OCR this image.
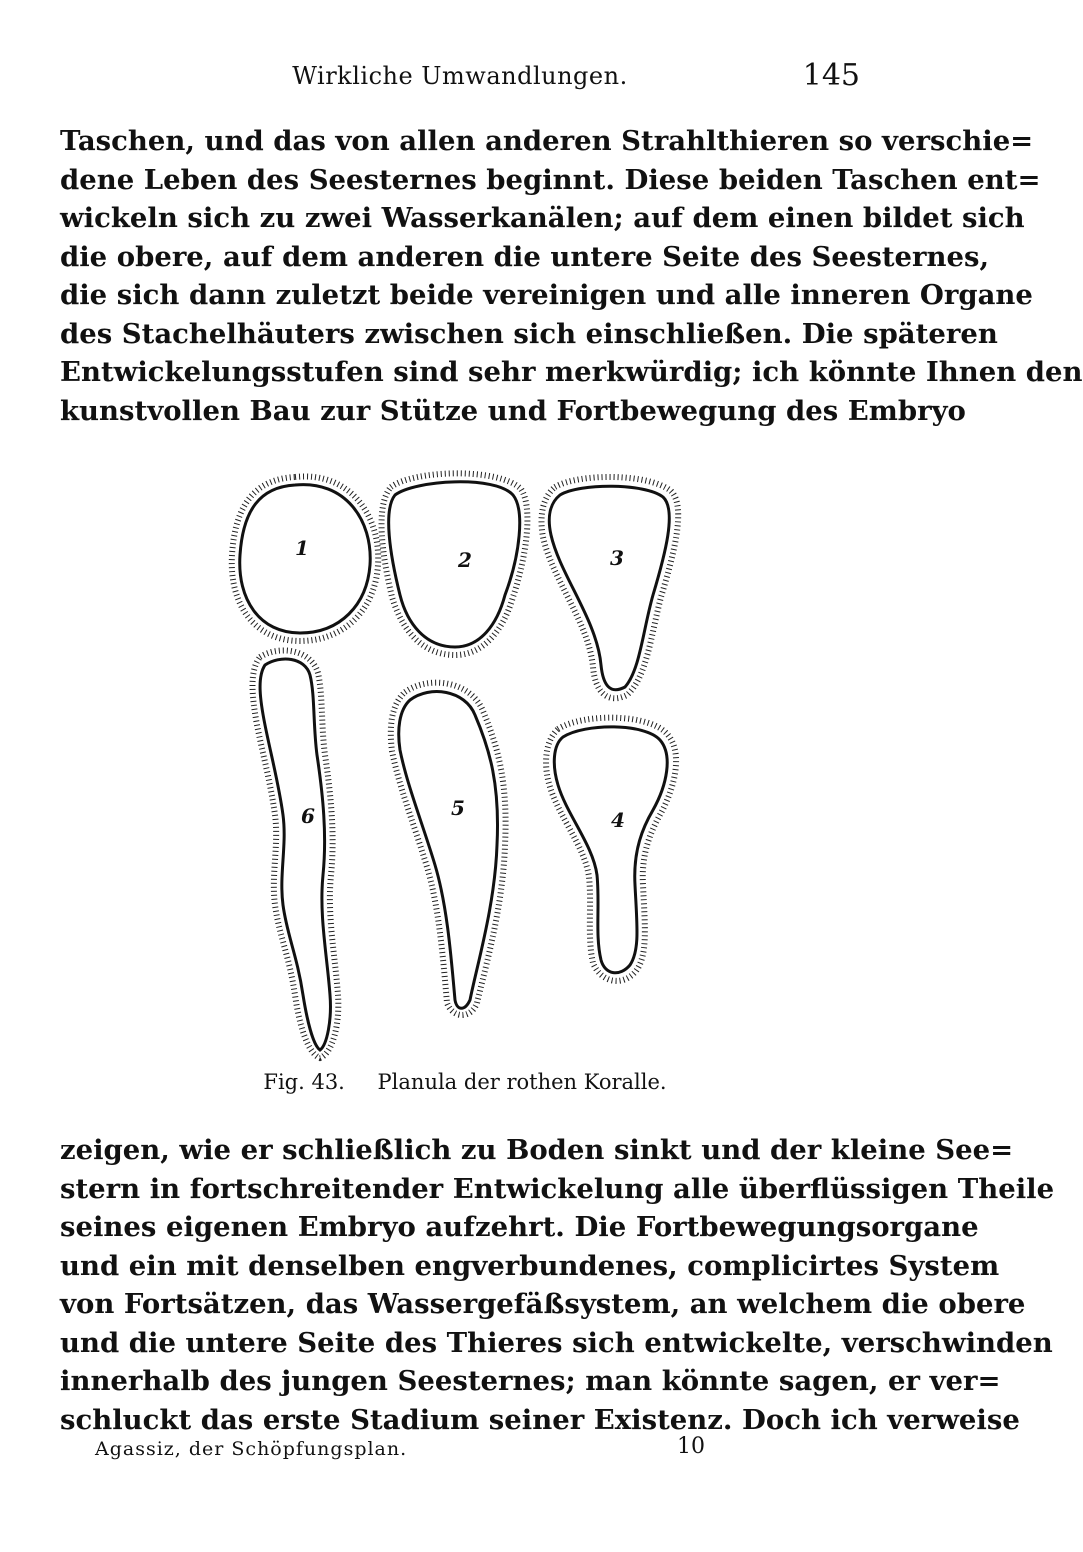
Wirkliche Umwandlungen.	145
Taschen, und das von allen anderen Strahlthieren so verschie=
dene Leben des Seesternes beginnt. Diese beiden Taschen ent=
wickeln sich zu zwei Wasserkanälen; auf dem einen bildet sich
die obere, auf dem anderen die untere Seite des Seesternes,
die sich dann zuletzt beide vereinigen und alle inneren Organe
des Stachelhäuters zwischen sich einschließen. Die späteren
Entwickelungsstufen sind sehr merkwürdig; ich könnte Ihnen den
kunstvollen Bau zur Stütze und Fortbewegung des Embryo
1	2	3
6	5	4
Fig. 43. Planula der rothen Koralle.
zeigen, wie er schließlich zu Boden sinkt und der kleine See=
stern in fortschreitender Entwickelung alle überflüssigen Theile
seines eigenen Embryo aufzehrt. Die Fortbewegungsorgane
und ein mit denselben engverbundenes, complicirtes System
von Fortsätzen, das Wassergefäßsystem, an welchem die obere
und die untere Seite des Thieres sich entwickelte, verschwinden
innerhalb des jungen Seesternes; man könnte sagen, er ver=
schluckt das erste Stadium seiner Existenz. Doch ich verweise
Agassiz, der Schöpfungsplan.	10
